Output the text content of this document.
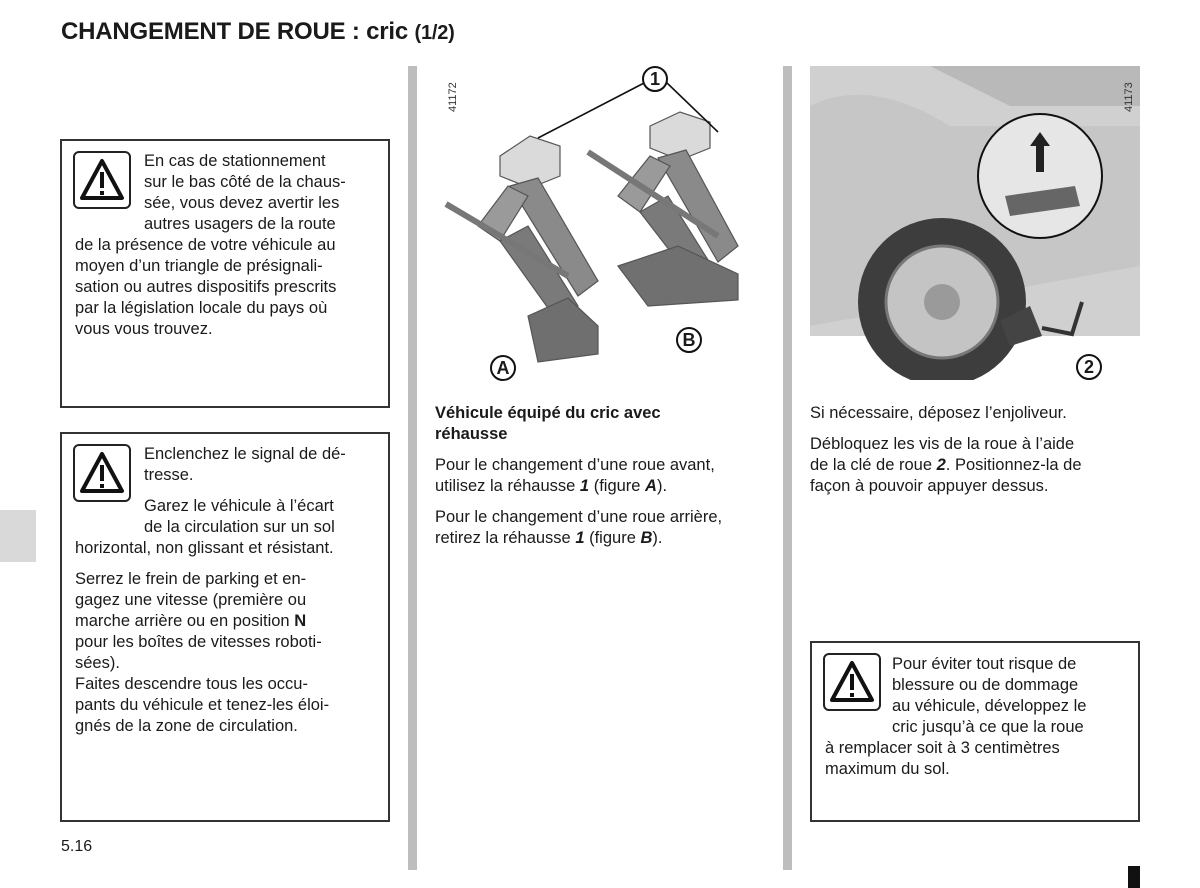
CHANGEMENT DE ROUE : cric (1/2)

En cas de stationnement

sur le bas côté de la chaus-

sée, vous devez avertir les

autres usagers de la route

de la présence de votre véhicule au

moyen d’un triangle de présignali-

sation ou autres dispositifs prescrits

par la législation locale du pays où

vous vous trouvez.

Enclenchez le signal de dé-

tresse.

Garez le véhicule à l’écart

de la circulation sur un sol

horizontal, non glissant et résistant.

Serrez le frein de parking et en-

gagez une vitesse (première ou

marche arrière ou en position N

pour les boîtes de vitesses roboti-

sées).

Faites descendre tous les occu-

pants du véhicule et tenez-les éloi-

gnés de la zone de circulation.

41172
1
A
B
41173
2

Véhicule équipé du cric avec
réhausse

Pour le changement d’une roue avant,
utilisez la réhausse 1 (figure A).

Pour le changement d’une roue arrière,
retirez la réhausse 1 (figure B).

Si nécessaire, déposez l’enjoliveur.

Débloquez les vis de la roue à l’aide
de la clé de roue 2. Positionnez-la de
façon à pouvoir appuyer dessus.

Pour éviter tout risque de

blessure ou de dommage

au véhicule, développez le

cric jusqu’à ce que la roue

à remplacer soit à 3 centimètres

maximum du sol.

5.16
